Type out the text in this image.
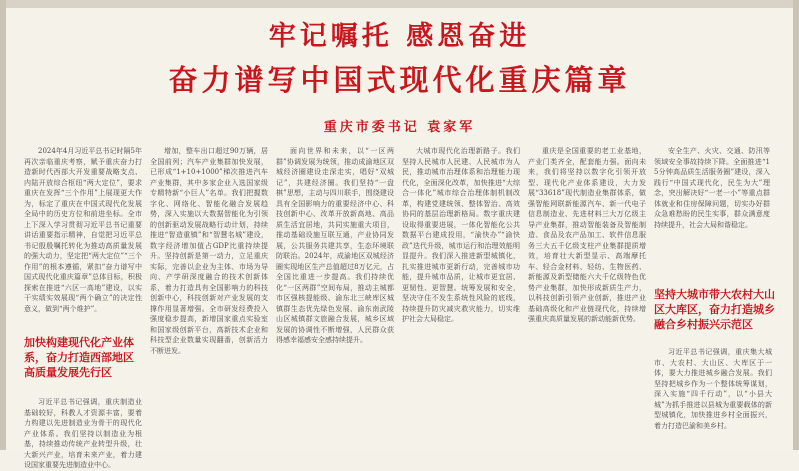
牢记嘱托 感恩奋进
奋力谱写中国式现代化重庆篇章
重庆市委书记 袁家军

2024年4月习近平总书记时隔5年再次亲临重庆考察，赋予重庆奋力打造新时代西部大开发重要战略支点、内陆开放综合枢纽“两大定位”，要求重庆在发挥“三个作用”上展现更大作为，标定了重庆在中国式现代化发展全局中的历史方位和前进坐标。全市上下深入学习贯彻习近平总书记重要讲话重要指示精神，自觉把习近平总书记殷殷嘱托转化为推动高质量发展的强大动力，坚定把“两大定位”“三个作用”的根本遵循，紧扣“奋力谱写中国式现代化重庆篇章”总体目标，积极探索在推进“六区一高地”建设，以实干实绩实效展现“两个确立”的决定性意义，做到“两个维护”。

加快构建现代化产业体系，奋力打造西部地区高质量发展先行区

习近平总书记强调，重庆制造业基础较好，科教人才资源丰富，要着力构建以先进制造业为骨干的现代化产业体系。我们坚持以制造业为根基，持续推动传统产业转型升级，壮大新兴产业，培育未来产业，着力建设国家重要先进制造业中心。

增加，整车出口超过90万辆，居全国前列；汽车产业集群加快发展，已形成“1+10+1000”梯次推进汽车产业集群，其中多家企业入选国家级专精特新“小巨人”名单。我们把握数字化、网络化、智能化融合发展趋势，深入实施以大数据智能化为引领的创新驱动发展战略行动计划，持续推进“智造重镇”和“智慧名城”建设，数字经济增加值占GDP比重持续提升。坚持创新是第一动力，立足重庆实际，完善以企业为主体、市场为导向、产学研深度融合的技术创新体系，着力打造具有全国影响力的科技创新中心，科技创新对产业发展的支撑作用显著增强。全市研发经费投入强度稳步提高，新增国家重点实验室和国家级创新平台，高新技术企业和科技型企业数量实现翻番，创新活力不断迸发。

面向世界和未来，以“一区两群”协调发展为统领，推动成渝地区双城经济圈建设走深走实，唱好“双城记”，共建经济圈。我们坚持“一盘棋”思想，主动与四川联手，围绕建设具有全国影响力的重要经济中心、科技创新中心、改革开放新高地、高品质生活宜居地，共同实施重大项目，推动基础设施互联互通，产业协同发展，公共服务共建共享，生态环境联防联治。2024年，成渝地区双城经济圈实现地区生产总值超过8万亿元，占全国比重进一步提高。我们持续优化“一区两群”空间布局，推动主城都市区强核提能级、渝东北三峡库区城镇群生态优先绿色发展、渝东南武陵山区城镇群文旅融合发展，城乡区域发展的协调性不断增强，人民群众获得感幸福感安全感持续提升。

大城市现代化治理新路子。我们坚持人民城市人民建、人民城市为人民，推动城市治理体系和治理能力现代化，全面深化改革，加快推进“大综合一体化”城市综合治理体制机制改革，构建党建统领、整体智治、高效协同的基层治理新格局。数字重庆建设取得重要进展，一体化智能化公共数据平台建成投用，“渝快办”“渝快政”迭代升级，城市运行和治理效能明显提升。我们深入推进新型城镇化，扎实推进城市更新行动，完善城市功能，提升城市品质，让城市更宜居、更韧性、更智慧。统筹发展和安全，坚决守住不发生系统性风险的底线，持续提升防灾减灾救灾能力，切实维护社会大局稳定。

重庆是全国重要的老工业基地，产业门类齐全，配套能力强。面向未来，我们将坚持以数字化引领开放型、现代化产业体系建设，大力发展“33618”现代制造业集群体系，做强智能网联新能源汽车、新一代电子信息制造业、先进材料三大万亿级主导产业集群，推动智能装备及智能制造、食品及农产品加工、软件信息服务三大五千亿级支柱产业集群提质增效，培育壮大新型显示、高端摩托车、轻合金材料、轻纺、生物医药、新能源及新型储能六大千亿级特色优势产业集群，加快形成新质生产力，以科技创新引领产业创新，推进产业基础高级化和产业链现代化，持续增强重庆高质量发展的新动能新优势。

安全生产、火灾、交通、防汛等领域安全事故持续下降。全面推进“15分钟高品质生活服务圈”建设，深入践行“中国式现代化，民生为大”理念，突出解决好“一老一小”等重点群体就业和住房保障问题，切实办好群众急难愁盼的民生实事，群众满意度持续提升，社会大局和谐稳定。

坚持大城市带大农村大山区大库区，奋力打造城乡融合乡村振兴示范区

习近平总书记强调，重庆集大城市、大农村、大山区、大库区于一体，要大力推进城乡融合发展。我们坚持把城乡作为一个整体统筹谋划，深入实施“四千行动”，以“小县大城”为抓手推进以县城为重要载体的新型城镇化，加快推进乡村全面振兴，着力打造巴渝和美乡村。
